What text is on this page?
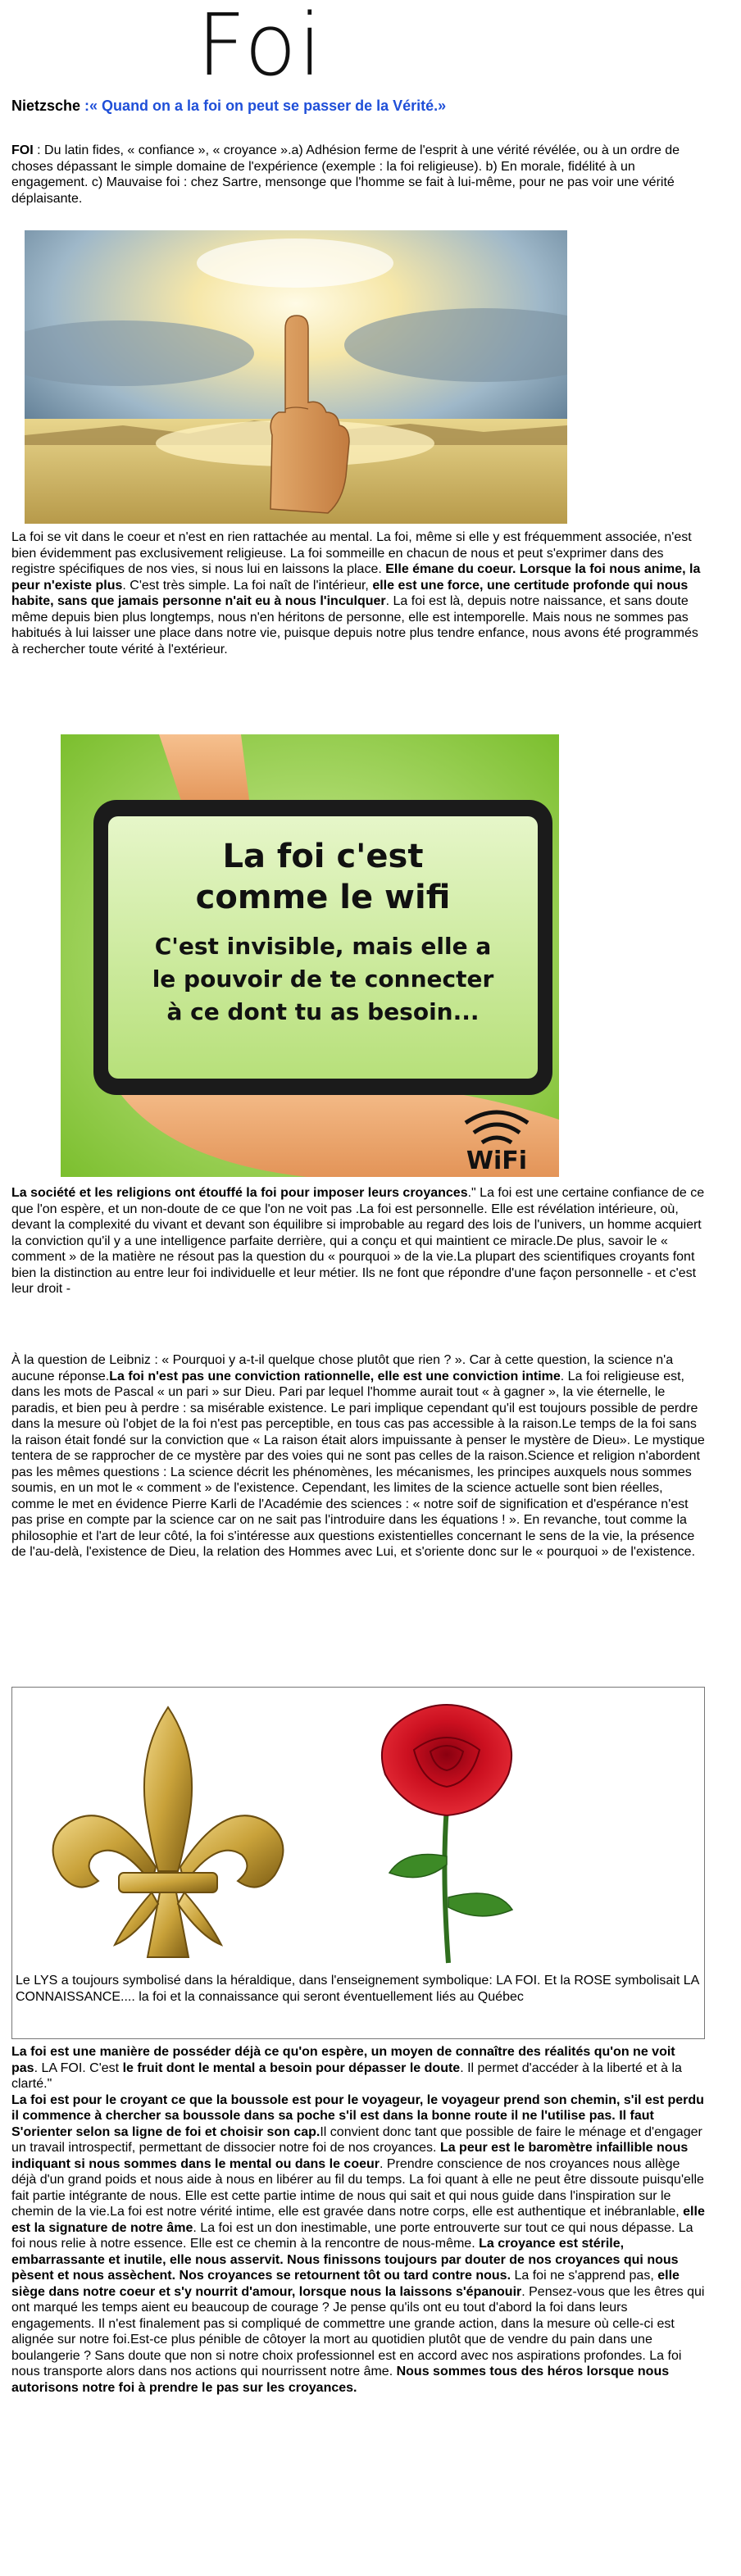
Foi
Nietzsche :« Quand on a la foi on peut se passer de la Vérité.»

FOI : Du latin fides, « confiance », « croyance ».a) Adhésion ferme de l'esprit à une vérité révélée, ou à un ordre de choses dépassant le simple domaine de l'expérience (exemple : la foi religieuse). b) En morale, fidélité à un engagement. c) Mauvaise foi : chez Sartre, mensonge que l'homme se fait à lui-même, pour ne pas voir une vérité déplaisante.

La foi se vit dans le coeur et n'est en rien rattachée au mental. La foi, même si elle y est fréquemment associée, n'est bien évidemment pas exclusivement religieuse. La foi sommeille en chacun de nous et peut s'exprimer dans des registre spécifiques de nos vies, si nous lui en laissons la place. Elle émane du coeur. Lorsque la foi nous anime, la peur n'existe plus. C'est très simple. La foi naît de l'intérieur, elle est une force, une certitude profonde qui nous habite, sans que jamais personne n'ait eu à nous l'inculquer. La foi est là, depuis notre naissance, et sans doute même depuis bien plus longtemps, nous n'en héritons de personne, elle est intemporelle. Mais nous ne sommes pas habitués à lui laisser une place dans notre vie, puisque depuis notre plus tendre enfance, nous avons été programmés à rechercher toute vérité à l'extérieur.

La foi c'est
comme le wifi
C'est invisible, mais elle a
le pouvoir de te connecter
à ce dont tu as besoin...
WiFi

La société et les religions ont étouffé la foi pour imposer leurs croyances." La foi est une certaine confiance de ce que l'on espère, et un non-doute de ce que l'on ne voit pas .La foi est personnelle. Elle est révélation intérieure, où, devant la complexité du vivant et devant son équilibre si improbable au regard des lois de l'univers, un homme acquiert la conviction qu'il y a une intelligence parfaite derrière, qui a conçu et qui maintient ce miracle.De plus, savoir le « comment » de la matière ne résout pas la question du « pourquoi » de la vie.La plupart des scientifiques croyants font bien la distinction au entre leur foi individuelle et leur métier. Ils ne font que répondre d'une façon personnelle - et c'est leur droit -

À la question de Leibniz : « Pourquoi y a-t-il quelque chose plutôt que rien ? ». Car à cette question, la science n'a aucune réponse.La foi n'est pas une conviction rationnelle, elle est une conviction intime. La foi religieuse est, dans les mots de Pascal « un pari » sur Dieu. Pari par lequel l'homme aurait tout « à gagner », la vie éternelle, le paradis, et bien peu à perdre : sa misérable existence. Le pari implique cependant qu'il est toujours possible de perdre dans la mesure où l'objet de la foi n'est pas perceptible, en tous cas pas accessible à la raison.Le temps de la foi sans la raison était fondé sur la conviction que « La raison était alors impuissante à penser le mystère de Dieu». Le mystique tentera de se rapprocher de ce mystère par des voies qui ne sont pas celles de la raison.Science et religion n'abordent pas les mêmes questions : La science décrit les phénomènes, les mécanismes, les principes auxquels nous sommes soumis, en un mot le « comment » de l'existence. Cependant, les limites de la science actuelle sont bien réelles, comme le met en évidence Pierre Karli de l'Académie des sciences : « notre soif de signification et d'espérance n'est pas prise en compte par la science car on ne sait pas l'introduire dans les équations ! ». En revanche, tout comme la philosophie et l'art de leur côté, la foi s'intéresse aux questions existentielles concernant le sens de la vie, la présence de l'au-delà, l'existence de Dieu, la relation des Hommes avec Lui, et s'oriente donc sur le « pourquoi » de l'existence.

Le LYS a toujours symbolisé dans la héraldique, dans l'enseignement symbolique: LA FOI. Et la ROSE symbolisait LA CONNAISSANCE.... la foi et la connaissance qui seront éventuellement liés au Québec

La foi est une manière de posséder déjà ce qu'on espère, un moyen de connaître des réalités qu'on ne voit pas. LA FOI. C'est le fruit dont le mental a besoin pour dépasser le doute. Il permet d'accéder à la liberté et à la clarté."
La foi est pour le croyant ce que la boussole est pour le voyageur, le voyageur prend son chemin, s'il est perdu il commence à chercher sa boussole dans sa poche s'il est dans la bonne route il ne l'utilise pas. Il faut S'orienter selon sa ligne de foi et choisir son cap.Il convient donc tant que possible de faire le ménage et d'engager un travail introspectif, permettant de dissocier notre foi de nos croyances. La peur est le baromètre infaillible nous indiquant si nous sommes dans le mental ou dans le coeur. Prendre conscience de nos croyances nous allège déjà d'un grand poids et nous aide à nous en libérer au fil du temps. La foi quant à elle ne peut être dissoute puisqu'elle fait partie intégrante de nous. Elle est cette partie intime de nous qui sait et qui nous guide dans l'inspiration sur le chemin de la vie.La foi est notre vérité intime, elle est gravée dans notre corps, elle est authentique et inébranlable, elle est la signature de notre âme. La foi est un don inestimable, une porte entrouverte sur tout ce qui nous dépasse. La foi nous relie à notre essence. Elle est ce chemin à la rencontre de nous-même. La croyance est stérile, embarrassante et inutile, elle nous asservit. Nous finissons toujours par douter de nos croyances qui nous pèsent et nous assèchent. Nos croyances se retournent tôt ou tard contre nous. La foi ne s'apprend pas, elle siège dans notre coeur et s'y nourrit d'amour, lorsque nous la laissons s'épanouir. Pensez-vous que les êtres qui ont marqué les temps aient eu beaucoup de courage ? Je pense qu'ils ont eu tout d'abord la foi dans leurs engagements. Il n'est finalement pas si compliqué de commettre une grande action, dans la mesure où celle-ci est alignée sur notre foi.Est-ce plus pénible de côtoyer la mort au quotidien plutôt que de vendre du pain dans une boulangerie ? Sans doute que non si notre choix professionnel est en accord avec nos aspirations profondes. La foi nous transporte alors dans nos actions qui nourrissent notre âme. Nous sommes tous des héros lorsque nous autorisons notre foi à prendre le pas sur les croyances.
